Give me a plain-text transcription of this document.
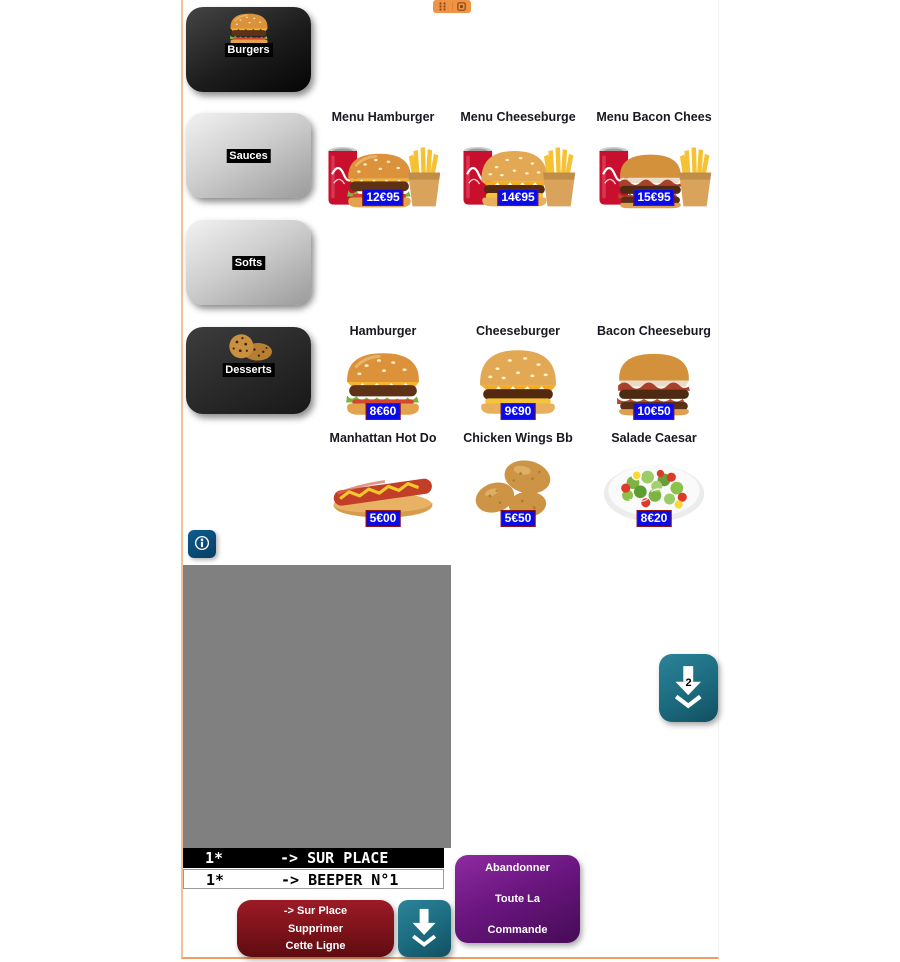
Burgers
Sauces
Softs
Desserts
Menu Hamburger
12€95
Menu Cheeseburge
14€95
Menu Bacon Chees
15€95
Hamburger
8€60
Cheeseburger
9€90
Bacon Cheeseburg
10€50
Manhattan Hot Do
5€00
Chicken Wings Bb
5€50
Salade Caesar
8€20
1*	-> SUR PLACE
1*	-> BEEPER N°1
2
-> Sur Place
Supprimer
Cette Ligne
Abandonner
Toute La
Commande
